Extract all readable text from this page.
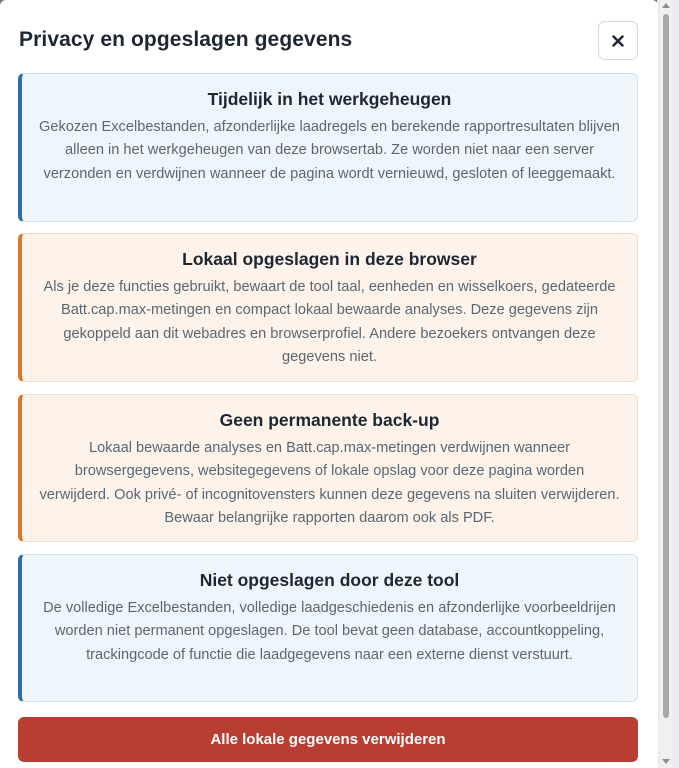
Privacy en opgeslagen gegevens
Tijdelijk in het werkgeheugen

Gekozen Excelbestanden, afzonderlijke laadregels en berekende rapportresultaten blijven alleen in het werkgeheugen van deze browsertab. Ze worden niet naar een server verzonden en verdwijnen wanneer de pagina wordt vernieuwd, gesloten of leeggemaakt.

Lokaal opgeslagen in deze browser

Als je deze functies gebruikt, bewaart de tool taal, eenheden en wisselkoers, gedateerde Batt.cap.max-metingen en compact lokaal bewaarde analyses. Deze gegevens zijn gekoppeld aan dit webadres en browserprofiel. Andere bezoekers ontvangen deze gegevens niet.

Geen permanente back-up

Lokaal bewaarde analyses en Batt.cap.max-metingen verdwijnen wanneer browsergegevens, websitegegevens of lokale opslag voor deze pagina worden verwijderd. Ook privé- of incognitovensters kunnen deze gegevens na sluiten verwijderen. Bewaar belangrijke rapporten daarom ook als PDF.

Niet opgeslagen door deze tool

De volledige Excelbestanden, volledige laadgeschiedenis en afzonderlijke voorbeeldrijen worden niet permanent opgeslagen. De tool bevat geen database, accountkoppeling, trackingcode of functie die laadgegevens naar een externe dienst verstuurt.

Alle lokale gegevens verwijderen
